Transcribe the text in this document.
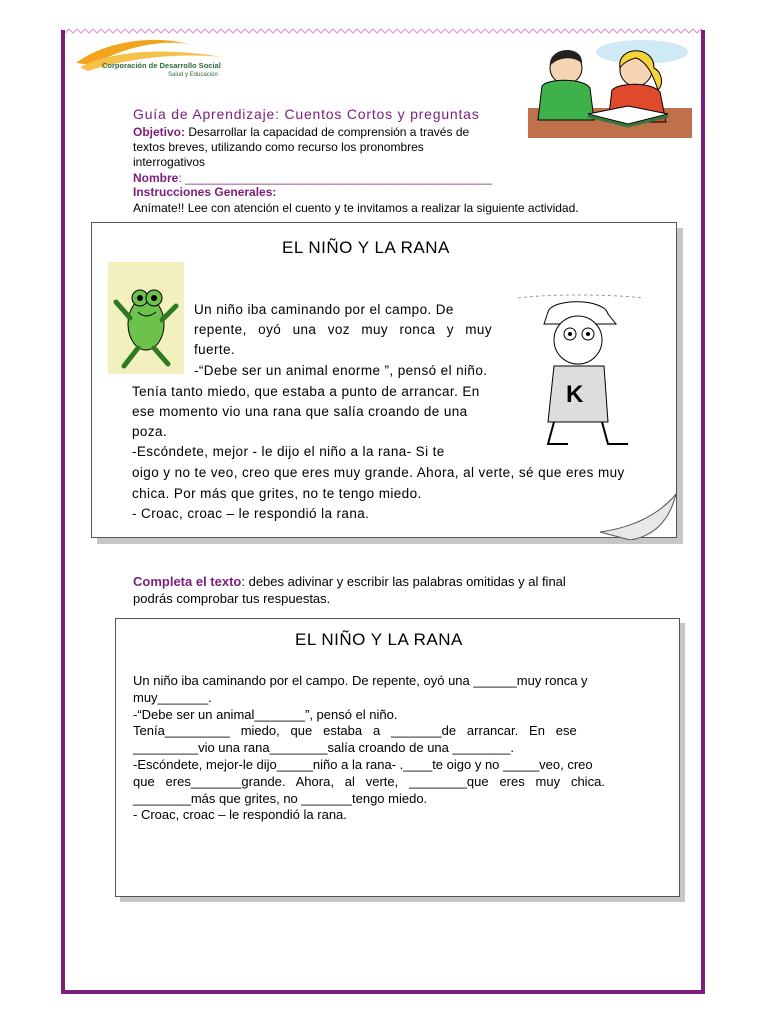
Corporación de Desarrollo Social
Salud y Educación
Guía de Aprendizaje: Cuentos Cortos y preguntas
Objetivo: Desarrollar la capacidad de comprensión a través de
textos breves, utilizando como recurso los pronombres
interrogativos
Nombre: ______________________________________________
Instrucciones Generales:
Anímate!! Lee con atención el cuento y te invitamos a realizar la siguiente actividad.
EL NIÑO Y LA RANA
K
Un niño iba caminando por el campo. De
repente, oyó una voz muy ronca y muy
fuerte.
-“Debe ser un animal enorme ”, pensó el niño.
Tenía tanto miedo, que estaba a punto de arrancar. En
ese momento vio una rana que salía croando de una
poza.
-Escóndete, mejor - le dijo el niño a la rana- Si te
oigo y no te veo, creo que eres muy grande. Ahora, al verte, sé que eres muy
chica. Por más que grites, no te tengo miedo.
- Croac, croac – le respondió la rana.
Completa el texto: debes adivinar y escribir las palabras omitidas y al final
podrás comprobar tus respuestas.
EL NIÑO Y LA RANA
Un niño iba caminando por el campo. De repente, oyó una ______muy ronca y
muy_______.
-“Debe ser un animal_______”, pensó el niño.
Tenía_________   miedo,   que   estaba   a   _______de   arrancar.   En   ese
_________vio una rana________salía croando de una ________.
-Escóndete, mejor-le dijo_____niño a la rana- .____te oigo y no _____veo, creo
que   eres_______grande.   Ahora,   al   verte,   ________que   eres   muy   chica.
________más que grites, no _______tengo miedo.
- Croac, croac – le respondió la rana.
